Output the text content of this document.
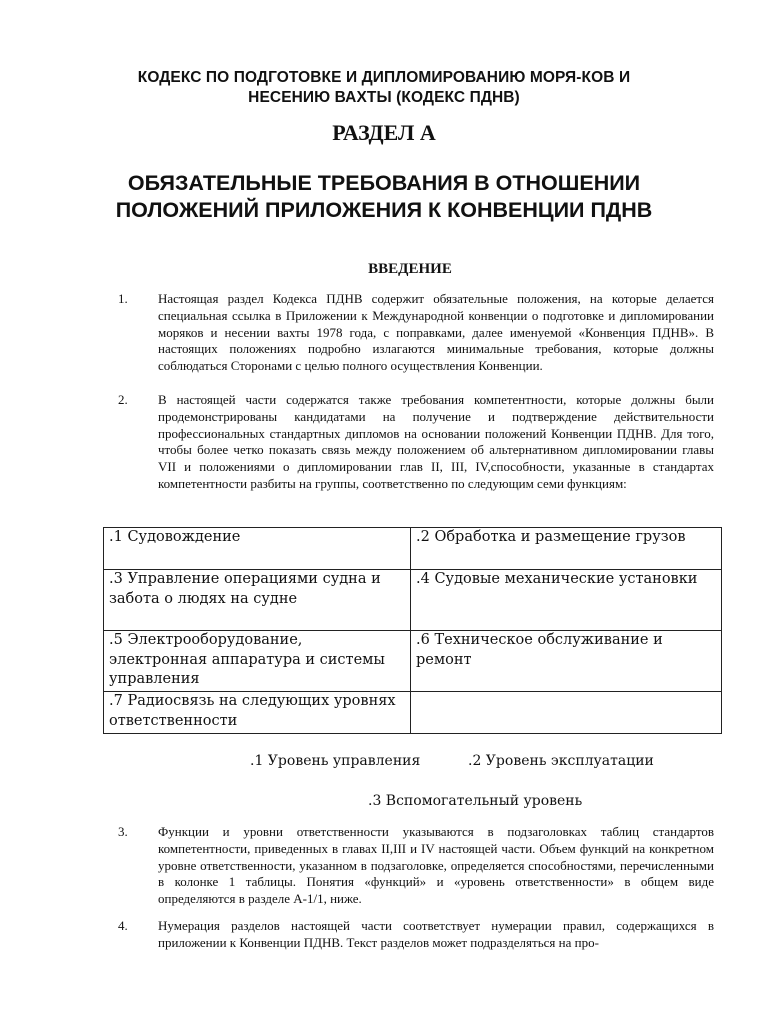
КОДЕКС ПО ПОДГОТОВКЕ И ДИПЛОМИРОВАНИЮ МОРЯ-КОВ И НЕСЕНИЮ ВАХТЫ (КОДЕКС ПДНВ)
РАЗДЕЛ А
ОБЯЗАТЕЛЬНЫЕ ТРЕБОВАНИЯ В ОТНОШЕНИИ ПОЛОЖЕНИЙ ПРИЛОЖЕНИЯ К КОНВЕНЦИИ ПДНВ
ВВЕДЕНИЕ
1.	Настоящая раздел Кодекса ПДНВ содержит обязательные положения, на которые делается специальная ссылка в Приложении к Международной конвенции о подготовке и дипломировании моряков и несении вахты 1978 года, с поправками, далее именуемой «Конвенция ПДНВ». В настоящих положениях подробно излагаются минимальные требования, которые должны соблюдаться Сторонами с целью полного осуществления Конвенции.
2.	В настоящей части содержатся также требования компетентности, которые должны были продемонстрированы кандидатами на получение и подтверждение действительности профессиональных стандартных дипломов на основании положений Конвенции ПДНВ. Для того, чтобы более четко показать связь между положением об альтернативном дипломировании главы VII и положениями о дипломировании глав II, III, IV,способности, указанные в стандартах компетентности разбиты на группы, соответственно по следующим семи функциям:
.1 Судовождение	.2 Обработка и размещение грузов
.3 Управление операциями судна и забота о людях на судне	.4 Судовые механические установки
.5 Электрооборудование, электронная аппаратура и системы управления	.6 Техническое обслуживание и ремонт
.7 Радиосвязь на следующих уровнях ответственности	
.1 Уровень управления	.2 Уровень эксплуатации
.3 Вспомогательный уровень
3.	Функции и уровни ответственности указываются в подзаголовках таблиц стандартов компетентности, приведенных в главах II,III и IV настоящей части. Объем функций на конкретном уровне ответственности, указанном в подзаголовке, определяется способностями, перечисленными в колонке 1 таблицы. Понятия «функций» и «уровень ответственности» в общем виде определяются в разделе A-1/1, ниже.
4.	Нумерация разделов настоящей части соответствует нумерации правил, содержащихся в приложении к Конвенции ПДНВ. Текст разделов может подразделяться на про-
